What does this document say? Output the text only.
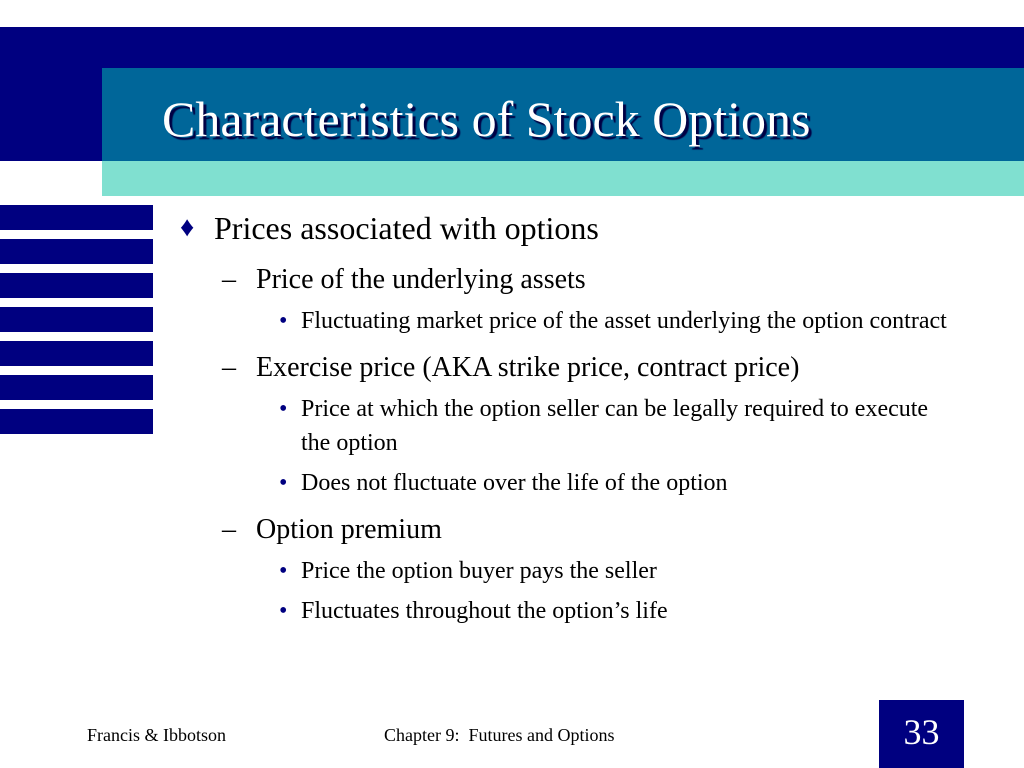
Characteristics of Stock Options
♦ Prices associated with options
– Price of the underlying assets
• Fluctuating market price of the asset underlying the option contract
– Exercise price (AKA strike price, contract price)
• Price at which the option seller can be legally required to execute the option
• Does not fluctuate over the life of the option
– Option premium
• Price the option buyer pays the seller
• Fluctuates throughout the option’s life
Francis & Ibbotson	Chapter 9:  Futures and Options	33
